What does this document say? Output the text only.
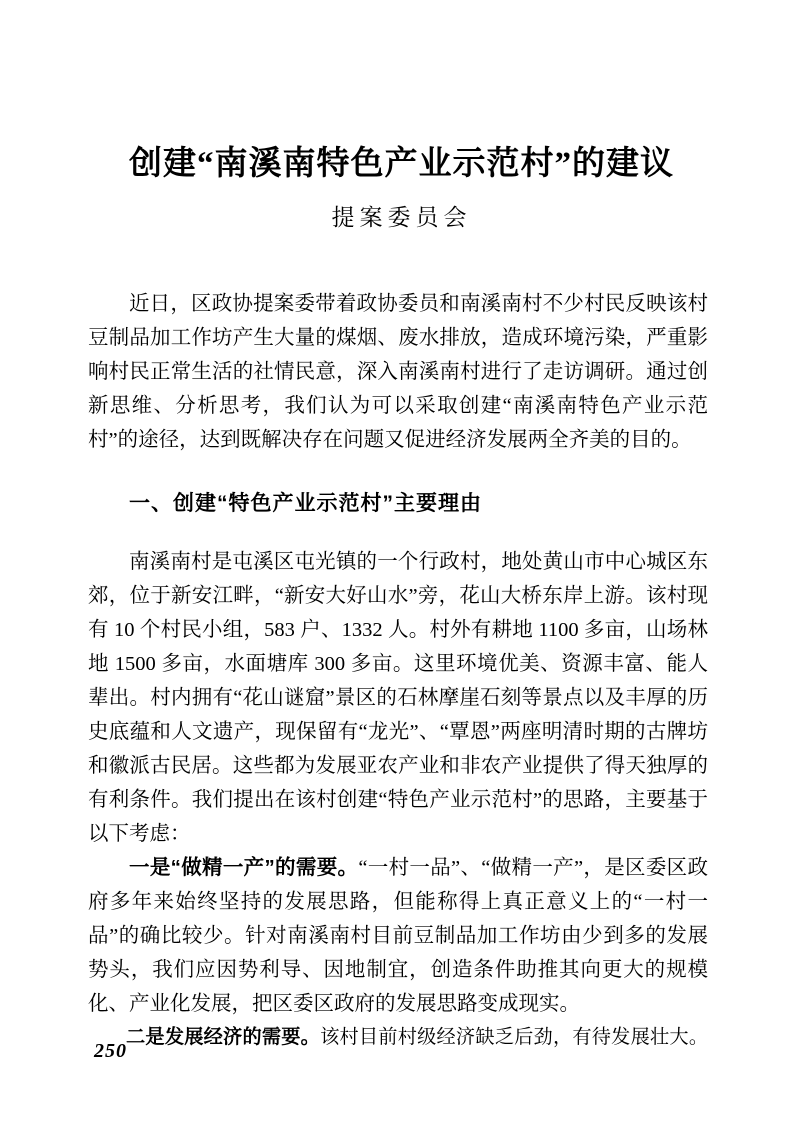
创建“南溪南特色产业示范村”的建议
提案委员会

近日，区政协提案委带着政协委员和南溪南村不少村民反映该村豆制品加工作坊产生大量的煤烟、废水排放，造成环境污染，严重影响村民正常生活的社情民意，深入南溪南村进行了走访调研。通过创新思维、分析思考，我们认为可以采取创建“南溪南特色产业示范村”的途径，达到既解决存在问题又促进经济发展两全齐美的目的。

一、创建“特色产业示范村”主要理由

南溪南村是屯溪区屯光镇的一个行政村，地处黄山市中心城区东郊，位于新安江畔，“新安大好山水”旁，花山大桥东岸上游。该村现有 10 个村民小组，583 户、1332 人。村外有耕地 1100 多亩，山场林地 1500 多亩，水面塘库 300 多亩。这里环境优美、资源丰富、能人辈出。村内拥有“花山谜窟”景区的石林摩崖石刻等景点以及丰厚的历史底蕴和人文遗产，现保留有“龙光”、“覃恩”两座明清时期的古牌坊和徽派古民居。这些都为发展亚农产业和非农产业提供了得天独厚的有利条件。我们提出在该村创建“特色产业示范村”的思路，主要基于以下考虑：

一是“做精一产”的需要。“一村一品”、“做精一产”，是区委区政府多年来始终坚持的发展思路，但能称得上真正意义上的“一村一品”的确比较少。针对南溪南村目前豆制品加工作坊由少到多的发展势头，我们应因势利导、因地制宜，创造条件助推其向更大的规模化、产业化发展，把区委区政府的发展思路变成现实。

二是发展经济的需要。该村目前村级经济缺乏后劲，有待发展壮大。

250
